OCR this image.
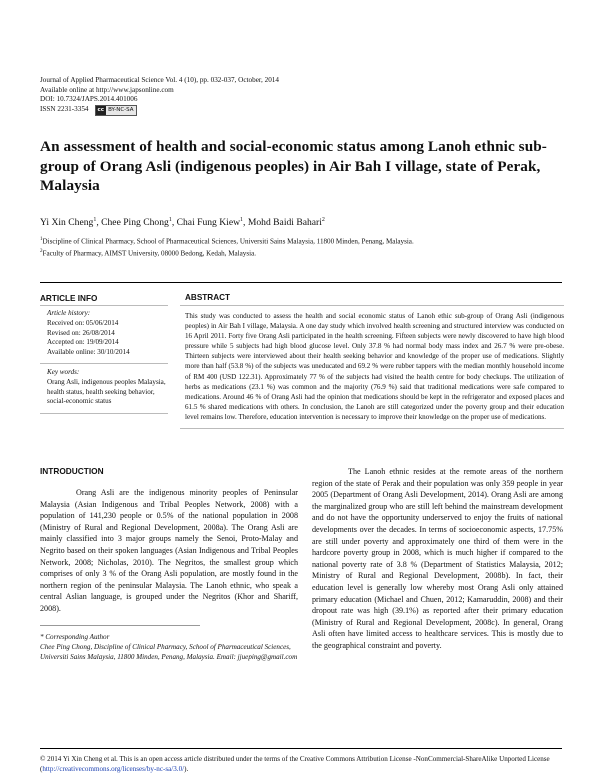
Journal of Applied Pharmaceutical Science Vol. 4 (10), pp. 032-037, October, 2014
Available online at http://www.japsonline.com
DOI: 10.7324/JAPS.2014.401006
ISSN 2231-3354	cc BY-NC-SA
An assessment of health and social-economic status among Lanoh ethnic sub-group of Orang Asli (indigenous peoples) in Air Bah I village, state of Perak, Malaysia
Yi Xin Cheng$^1$, Chee Ping Chong$^1$, Chai Fung Kiew$^1$, Mohd Baidi Bahari$^2$
$^1$Discipline of Clinical Pharmacy, School of Pharmaceutical Sciences, Universiti Sains Malaysia, 11800 Minden, Penang, Malaysia.
$^2$Faculty of Pharmacy, AIMST University, 08000 Bedong, Kedah, Malaysia.
ARTICLE INFO
Article history:
Received on: 05/06/2014
Revised on: 26/08/2014
Accepted on: 19/09/2014
Available online: 30/10/2014
Key words:
Orang Asli, indigenous peoples Malaysia, health status, health seeking behavior, social-economic status
ABSTRACT
This study was conducted to assess the health and social economic status of Lanoh ethic sub-group of Orang Asli (indigenous peoples) in Air Bah I village, Malaysia. A one day study which involved health screening and structured interview was conducted on 16 April 2011. Forty five Orang Asli participated in the health screening. Fifteen subjects were newly discovered to have high blood pressure while 5 subjects had high blood glucose level. Only 37.8 % had normal body mass index and 26.7 % were pre-obese. Thirteen subjects were interviewed about their health seeking behavior and knowledge of the proper use of medications. Slightly more than half (53.8 %) of the subjects was uneducated and 69.2 % were rubber tappers with the median monthly household income of RM 400 (USD 122.31). Approximately 77 % of the subjects had visited the health centre for body checkups. The utilization of herbs as medications (23.1 %) was common and the majority (76.9 %) said that traditional medications were safe compared to medications. Around 46 % of Orang Asli had the opinion that medications should be kept in the refrigerator and exposed places and 61.5 % shared medications with others. In conclusion, the Lanoh are still categorized under the poverty group and their education level remains low. Therefore, education intervention is necessary to improve their knowledge on the proper use of medications.
INTRODUCTION

Orang Asli are the indigenous minority peoples of Peninsular Malaysia (Asian Indigenous and Tribal Peoples Network, 2008) with a population of 141,230 people or 0.5% of the national population in 2008 (Ministry of Rural and Regional Development, 2008a). The Orang Asli are mainly classified into 3 major groups namely the Senoi, Proto-Malay and Negrito based on their spoken languages (Asian Indigenous and Tribal Peoples Network, 2008; Nicholas, 2010). The Negritos, the smallest group which comprises of only 3 % of the Orang Asli population, are mostly found in the northern region of the peninsular Malaysia. The Lanoh ethnic, who speak a central Aslian language, is grouped under the Negritos (Khor and Shariff, 2008).

The Lanoh ethnic resides at the remote areas of the northern region of the state of Perak and their population was only 359 people in year 2005 (Department of Orang Asli Development, 2014). Orang Asli are among the marginalized group who are still left behind the mainstream development and do not have the opportunity underserved to enjoy the fruits of national developments over the decades. In terms of socioeconomic aspects, 17.75% are still under poverty and approximately one third of them were in the hardcore poverty group in 2008, which is much higher if compared to the national poverty rate of 3.8 % (Department of Statistics Malaysia, 2012; Ministry of Rural and Regional Development, 2008b). In fact, their education level is generally low whereby most Orang Asli only attained primary education (Michael and Chuen, 2012; Kamaruddin, 2008) and their dropout rate was high (39.1%) as reported after their primary education (Ministry of Rural and Regional Development, 2008c). In general, Orang Asli often have limited access to healthcare services. This is mostly due to the geographical constraint and poverty.

* Corresponding Author
Chee Ping Chong, Discipline of Clinical Pharmacy, School of Pharmaceutical Sciences, Universiti Sains Malaysia, 11800 Minden, Penang, Malaysia. Email: jjueping@gmail.com
© 2014 Yi Xin Cheng et al. This is an open access article distributed under the terms of the Creative Commons Attribution License -NonCommercial-ShareAlike Unported License (http://creativecommons.org/licenses/by-nc-sa/3.0/).
